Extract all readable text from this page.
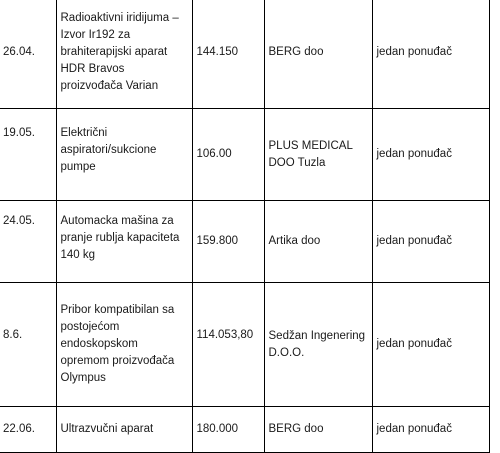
26.04.	Radioaktivni iridijuma – Izvor Ir192 za brahiterapijski aparat HDR Bravos proizvođača Varian	144.150	BERG doo	jedan ponuđač
19.05.	Električni aspiratori/sukcione pumpe	106.00	PLUS MEDICAL DOO Tuzla	jedan ponuđač
24.05.	Automacka mašina za pranje rublja kapaciteta 140 kg	159.800	Artika doo	jedan ponuđač
8.6.	Pribor kompatibilan sa postojećom endoskopskom opremom proizvođača Olympus	114.053,80	Sedžan Ingenering D.O.O.	jedan ponuđač
22.06.	Ultrazvučni aparat	180.000	BERG doo	jedan ponuđač
